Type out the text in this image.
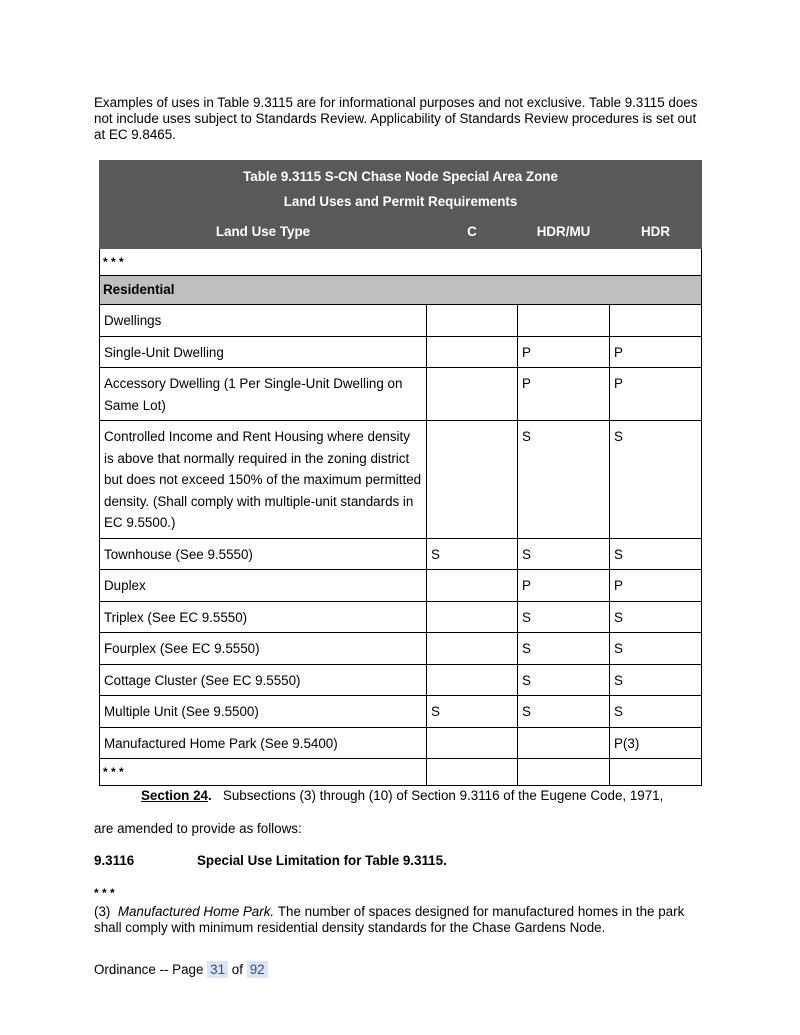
Examples of uses in Table 9.3115 are for informational purposes and not exclusive. Table 9.3115 does not include uses subject to Standards Review. Applicability of Standards Review procedures is set out at EC 9.8465.

Table 9.3115 S-CN Chase Node Special Area Zone			
Land Uses and Permit Requirements			
Land Use Type	C	HDR/MU	HDR
* * *			
Residential			
Dwellings			
Single-Unit Dwelling		P	P
Accessory Dwelling (1 Per Single-Unit Dwelling on Same Lot)		P	P
Controlled Income and Rent Housing where density is above that normally required in the zoning district but does not exceed 150% of the maximum permitted density. (Shall comply with multiple-unit standards in EC 9.5500.)		S	S
Townhouse (See 9.5550)	S	S	S
Duplex		P	P
Triplex (See EC 9.5550)		S	S
Fourplex (See EC 9.5550)		S	S
Cottage Cluster (See EC 9.5550)		S	S
Multiple Unit (See 9.5500)	S	S	S
Manufactured Home Park (See 9.5400)			P(3)
* * *			
Section 24. Subsections (3) through (10) of Section 9.3116 of the Eugene Code, 1971,
are amended to provide as follows:
9.3116	Special Use Limitation for Table 9.3115.
* * *

(3) Manufactured Home Park. The number of spaces designed for manufactured homes in the park shall comply with minimum residential density standards for the Chase Gardens Node.

Ordinance -- Page 31 of 92
